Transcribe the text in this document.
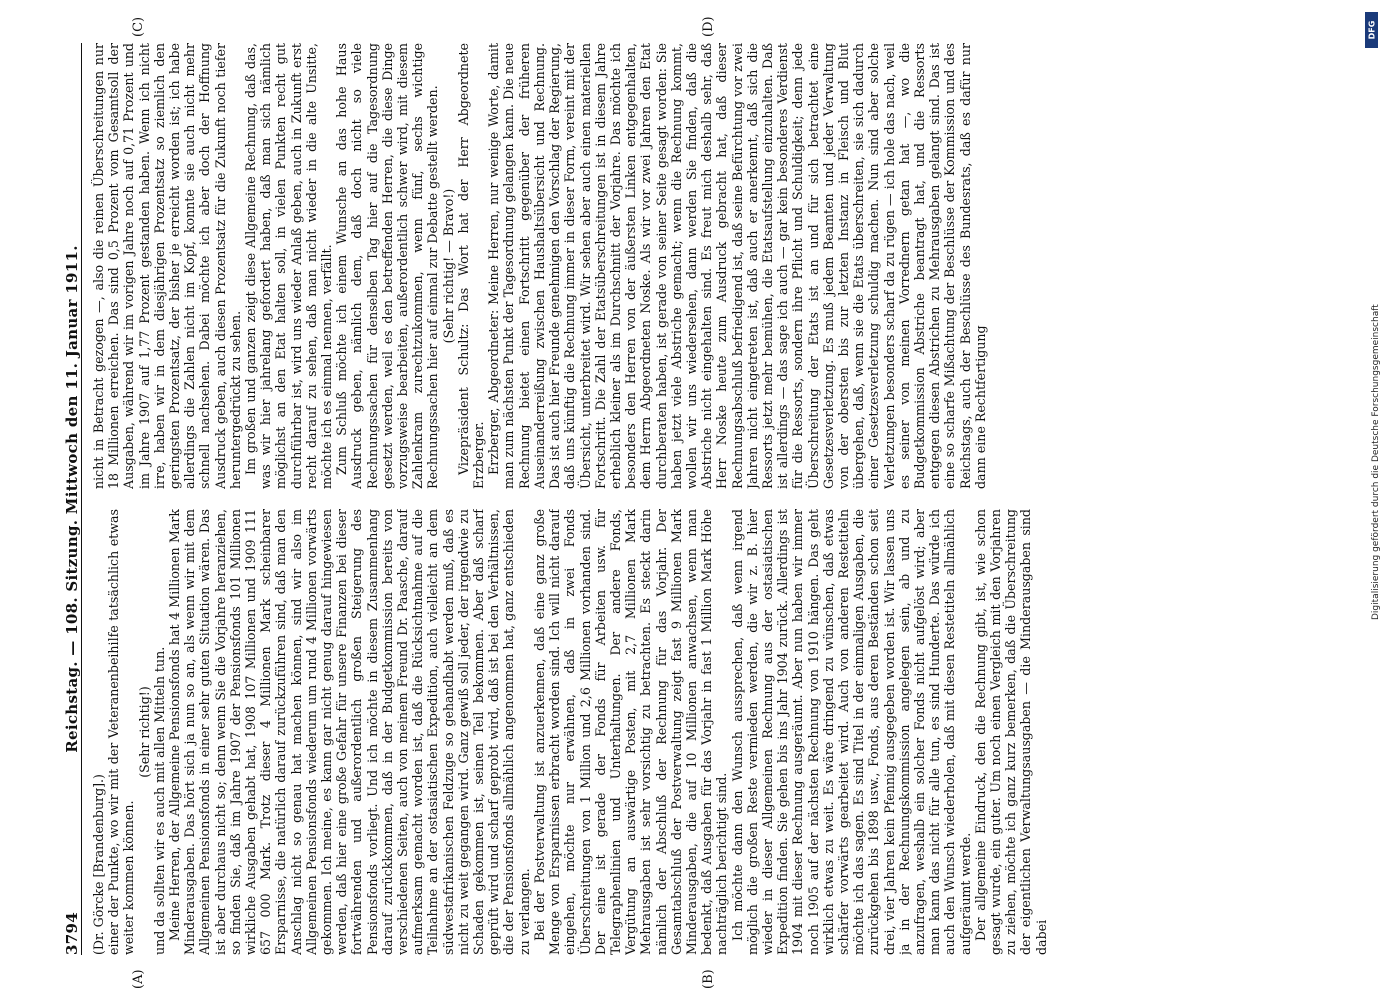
3794
Reichstag. — 108. Sitzung. Mittwoch den 11. Januar 1911.
(A)	(B)
(C)	(D)

(Dr. Görcke [Brandenburg].) einer der Punkte, wo wir mit der Veteranenbeihilfe tatsächlich etwas weiter kommen können.

(Sehr richtig!) und da sollten wir es auch mit allen Mitteln tun. Meine Herren, der Allgemeine Pensionsfonds hat 4 Millionen Mark Minderausgaben. Das hört sich ja nun so an, als wenn wir mit dem Allgemeinen Pensionsfonds in einer sehr guten Situation wären. Das ist aber durchaus nicht so; denn wenn Sie die Vorjahre heranziehen, so finden Sie, daß im Jahre 1907 der Pensionsfonds 101 Millionen wirkliche Ausgaben gehabt hat, 1908 107 Millionen und 1909 111 657 000 Mark. Trotz dieser 4 Millionen Mark scheinbarer Ersparnisse, die natürlich darauf zurückzuführen sind, daß man den Anschlag nicht so genau hat machen können, sind wir also im Allgemeinen Pensionsfonds wiederum um rund 4 Millionen vorwärts gekommen. Ich meine, es kann gar nicht genug darauf hingewiesen werden, daß hier eine große Gefahr für unsere Finanzen bei dieser fortwährenden und außerordentlich großen Steigerung des Pensionsfonds vorliegt. Und ich möchte in diesem Zusammenhang darauf zurückkommen, daß in der Budgetkommission bereits von verschiedenen Seiten, auch von meinem Freund Dr. Paasche, darauf aufmerksam gemacht worden ist, daß die Rücksichtnahme auf die Teilnahme an der ostasiatischen Expedition, auch vielleicht an dem südwestafrikanischen Feldzuge so gehandhabt werden muß, daß es nicht zu weit gegangen wird. Ganz gewiß soll jeder, der irgendwie zu Schaden gekommen ist, seinen Teil bekommen. Aber daß scharf geprüft wird und scharf geprobt wird, daß ist bei den Verhältnissen, die der Pensionsfonds allmählich angenommen hat, ganz entschieden zu verlangen. Bei der Postverwaltung ist anzuerkennen, daß eine ganz große Menge von Ersparnissen erbracht worden sind. Ich will nicht darauf eingehen, möchte nur erwähnen, daß in zwei Fonds Überschreitungen von 1 Million und 2,6 Millionen vorhanden sind. Der eine ist gerade der Fonds für Arbeiten usw. für Telegraphenlinien und Unterhaltungen. Der andere Fonds, Vergütung an auswärtige Posten, mit 2,7 Millionen Mark Mehrausgaben ist sehr vorsichtig zu betrachten. Es steckt darin nämlich der Abschluß der Rechnung für das Vorjahr. Der Gesamtabschluß der Postverwaltung zeigt fast 9 Millionen Mark Minderausgaben, die auf 10 Millionen anwachsen, wenn man bedenkt, daß Ausgaben für das Vorjahr in fast 1 Million Mark Höhe nachträglich berichtigt sind. Ich möchte dann den Wunsch aussprechen, daß wenn irgend möglich die großen Reste vermieden werden, die wir z. B. hier wieder in dieser Allgemeinen Rechnung aus der ostasiatischen Expedition finden. Sie gehen bis ins Jahr 1904 zurück. Allerdings ist 1904 mit dieser Rechnung ausgeräumt. Aber nun haben wir immer noch 1905 auf der nächsten Rechnung von 1910 hängen. Das geht wirklich etwas zu weit. Es wäre dringend zu wünschen, daß etwas schärfer vorwärts gearbeitet wird. Auch von anderen Restetiteln möchte ich das sagen. Es sind Titel in der einmaligen Ausgaben, die zurückgehen bis 1898 usw., Fonds, aus deren Beständen schon seit drei, vier Jahren kein Pfennig ausgegeben worden ist. Wir lassen uns ja in der Rechnungskommission angelegen sein, ab und zu anzufragen, weshalb ein solcher Fonds nicht aufgelöst wird; aber man kann das nicht für alle tun, es sind Hunderte. Das würde ich auch den Wunsch wiederholen, daß mit diesen Restetiteln allmählich aufgeräumt werde. Der allgemeine Eindruck, den die Rechnung gibt, ist, wie schon gesagt wurde, ein guter. Um noch einen Vergleich mit den Vorjahren zu ziehen, möchte ich ganz kurz bemerken, daß die Überschreitung der eigentlichen Verwaltungsausgaben — die Minderausgaben sind dabei

nicht in Betracht gezogen —, also die reinen Überschreitungen nur 18 Millionen erreichen. Das sind 0,5 Prozent vom Gesamtsoll der Ausgaben, während wir im vorigen Jahre noch auf 0,71 Prozent und im Jahre 1907 auf 1,77 Prozent gestanden haben. Wenn ich nicht irre, haben wir in dem diesjährigen Prozentsatz so ziemlich den geringsten Prozentsatz, der bisher je erreicht worden ist; ich habe allerdings die Zahlen nicht im Kopf, konnte sie auch nicht mehr schnell nachsehen. Dabei möchte ich aber doch der Hoffnung Ausdruck geben, auch diesen Prozentsatz für die Zukunft noch tiefer heruntergedrückt zu sehen. Im großen und ganzen zeigt diese Allgemeine Rechnung, daß das, was wir hier jahrelang gefordert haben, daß man sich nämlich möglichst an den Etat halten soll, in vielen Punkten recht gut durchführbar ist, wird uns wieder Anlaß geben, auch in Zukunft erst recht darauf zu sehen, daß man nicht wieder in die alte Unsitte, möchte ich es einmal nennen, verfällt. Zum Schluß möchte ich einem Wunsche an das hohe Haus Ausdruck geben, nämlich dem, daß doch nicht so viele Rechnungssachen für denselben Tag hier auf die Tagesordnung gesetzt werden, weil es den betreffenden Herren, die diese Dinge vorzugsweise bearbeiten, außerordentlich schwer wird, mit diesem Zahlenkram zurechtzukommen, wenn fünf, sechs wichtige Rechnungssachen hier auf einmal zur Debatte gestellt werden. (Sehr richtig! — Bravo!) Vizepräsident Schultz: Das Wort hat der Herr Abgeordnete Erzberger. Erzberger, Abgeordneter: Meine Herren, nur wenige Worte, damit man zum nächsten Punkt der Tagesordnung gelangen kann. Die neue Rechnung bietet einen Fortschritt gegenüber der früheren Auseinanderreißung zwischen Haushaltsübersicht und Rechnung. Das ist auch hier Freunde genehmigen den Vorschlag der Regierung, daß uns künftig die Rechnung immer in dieser Form, vereint mit der Übersicht, unterbreitet wird. Wir sehen aber auch einen materiellen Fortschritt. Die Zahl der Etatsüberschreitungen ist in diesem Jahre erheblich kleiner als im Durchschnitt der Vorjahre. Das möchte ich besonders den Herren von der äußersten Linken entgegenhalten, dem Herrn Abgeordneten Noske. Als wir vor zwei Jahren den Etat durchberaten haben, ist gerade von seiner Seite gesagt worden: Sie haben jetzt viele Abstriche gemacht; wenn die Rechnung kommt, wollen wir uns wiedersehen, dann werden Sie finden, daß die Abstriche nicht eingehalten sind. Es freut mich deshalb sehr, daß Herr Noske heute zum Ausdruck gebracht hat, daß dieser Rechnungsabschluß befriedigend ist, daß seine Befürchtung vor zwei Jahren nicht eingetreten ist, daß auch er anerkennt, daß sich die Ressorts jetzt mehr bemühen, die Etatsaufstellung einzuhalten. Daß ist allerdings — das sage ich auch — gar kein besonderes Verdienst für die Ressorts, sondern ihre Pflicht und Schuldigkeit; denn jede Überschreitung der Etats ist an und für sich betrachtet eine Gesetzesverletzung. Es muß jedem Beamten und jeder Verwaltung von der obersten bis zur letzten Instanz in Fleisch und Blut übergehen, daß, wenn sie die Etats überschreiten, sie sich dadurch einer Gesetzesverletzung schuldig machen. Nun sind aber solche Verletzungen besonders scharf da zu rügen — ich hole das nach, weil es seiner von meinen Vorrednern getan hat —, wo die Budgetkommission Abstriche beantragt hat, und die Ressorts entgegen diesen Abstrichen zu Mehrausgaben gelangt sind. Das ist eine so scharfe Mißachtung der Beschlüsse der Kommission und des Reichstags, auch der Beschlüsse des Bundesrats, daß es dafür nur dann eine Rechtfertigung

DFG
Digitalisierung gefördert durch die Deutsche Forschungsgemeinschaft
